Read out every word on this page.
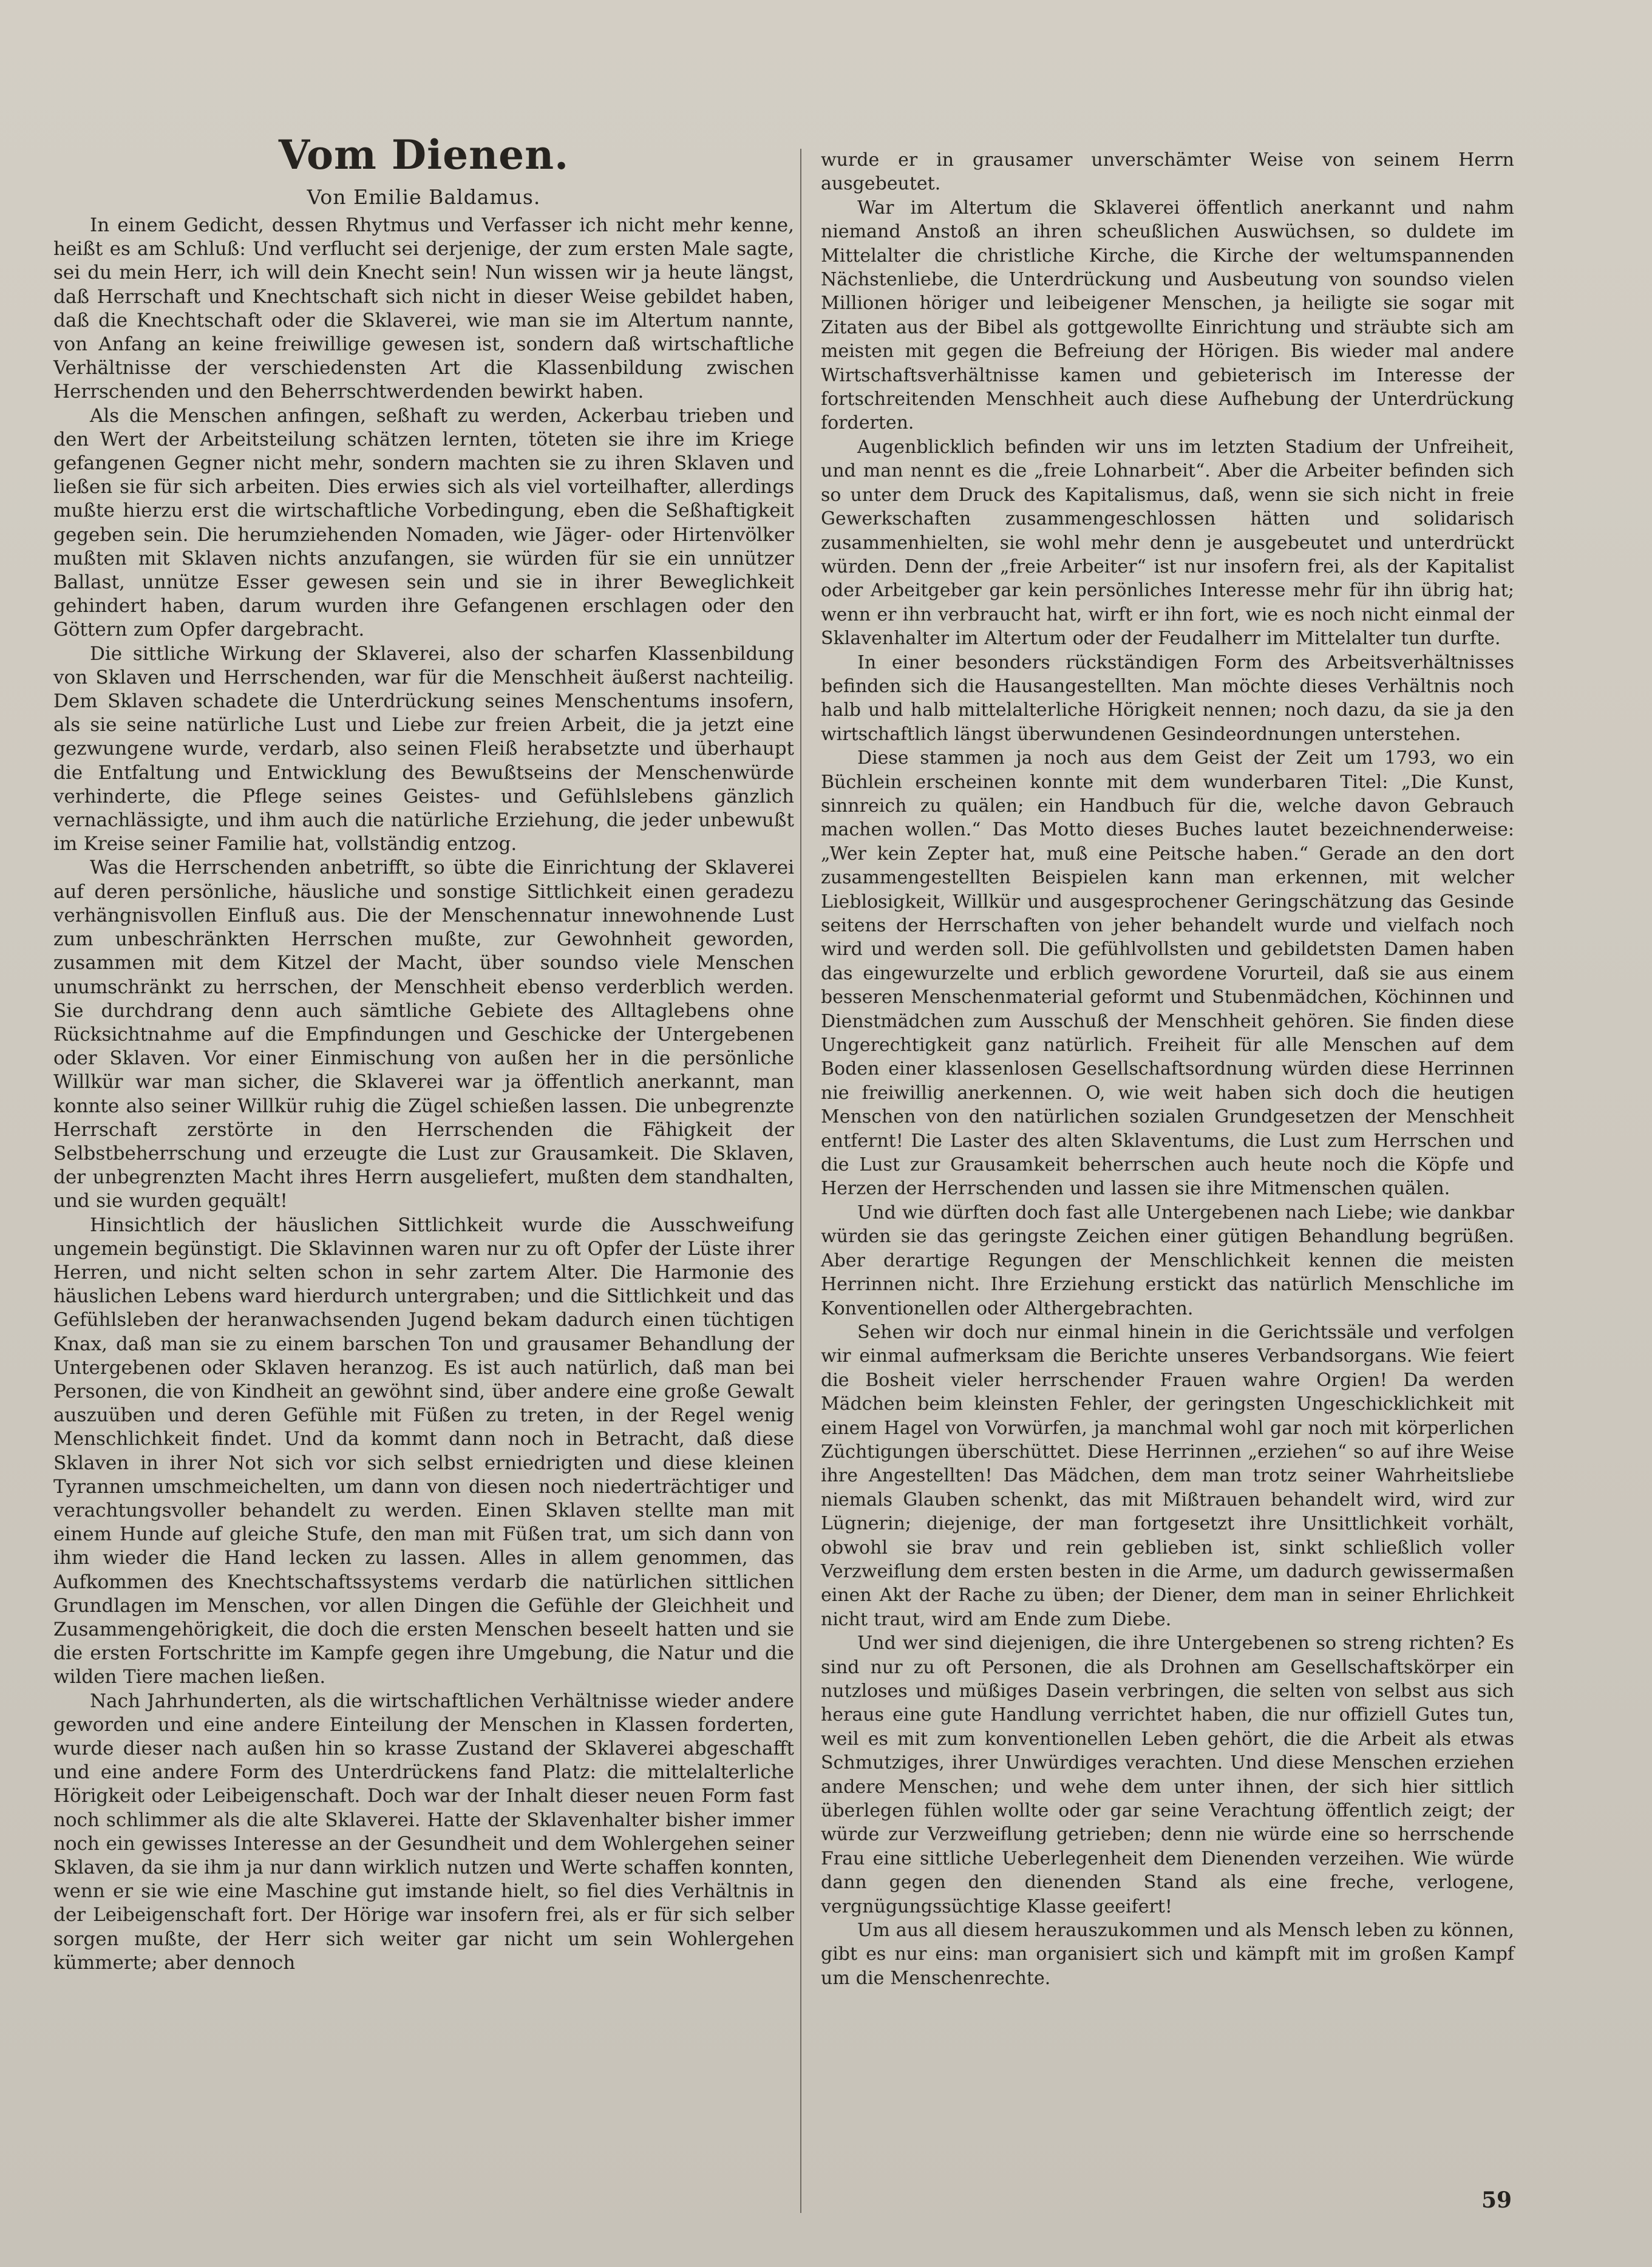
Vom Dienen.
Von Emilie Baldamus.

In einem Gedicht, dessen Rhytmus und Verfasser ich nicht mehr kenne, heißt es am Schluß: Und verflucht sei derjenige, der zum ersten Male sagte, sei du mein Herr, ich will dein Knecht sein! Nun wissen wir ja heute längst, daß Herrschaft und Knechtschaft sich nicht in dieser Weise gebildet haben, daß die Knechtschaft oder die Sklaverei, wie man sie im Altertum nannte, von Anfang an keine freiwillige gewesen ist, sondern daß wirtschaftliche Verhältnisse der verschiedensten Art die Klassenbildung zwischen Herrschenden und den Beherrschtwerdenden bewirkt haben.

Als die Menschen anfingen, seßhaft zu werden, Ackerbau trieben und den Wert der Arbeitsteilung schätzen lernten, töteten sie ihre im Kriege gefangenen Gegner nicht mehr, sondern machten sie zu ihren Sklaven und ließen sie für sich arbeiten. Dies erwies sich als viel vorteilhafter, allerdings mußte hierzu erst die wirtschaftliche Vorbedingung, eben die Seßhaftigkeit gegeben sein. Die herumziehenden Nomaden, wie Jäger- oder Hirtenvölker mußten mit Sklaven nichts anzufangen, sie würden für sie ein unnützer Ballast, unnütze Esser gewesen sein und sie in ihrer Beweglichkeit gehindert haben, darum wurden ihre Gefangenen erschlagen oder den Göttern zum Opfer dargebracht.

Die sittliche Wirkung der Sklaverei, also der scharfen Klassenbildung von Sklaven und Herrschenden, war für die Menschheit äußerst nachteilig. Dem Sklaven schadete die Unterdrückung seines Menschentums insofern, als sie seine natürliche Lust und Liebe zur freien Arbeit, die ja jetzt eine gezwungene wurde, verdarb, also seinen Fleiß herabsetzte und überhaupt die Entfaltung und Entwicklung des Bewußtseins der Menschenwürde verhinderte, die Pflege seines Geistes- und Gefühlslebens gänzlich vernachlässigte, und ihm auch die natürliche Erziehung, die jeder unbewußt im Kreise seiner Familie hat, vollständig entzog.

Was die Herrschenden anbetrifft, so übte die Einrichtung der Sklaverei auf deren persönliche, häusliche und sonstige Sittlichkeit einen geradezu verhängnisvollen Einfluß aus. Die der Menschennatur innewohnende Lust zum unbeschränkten Herrschen mußte, zur Gewohnheit geworden, zusammen mit dem Kitzel der Macht, über soundso viele Menschen unumschränkt zu herrschen, der Menschheit ebenso verderblich werden. Sie durchdrang denn auch sämtliche Gebiete des Alltaglebens ohne Rücksichtnahme auf die Empfindungen und Geschicke der Untergebenen oder Sklaven. Vor einer Einmischung von außen her in die persönliche Willkür war man sicher, die Sklaverei war ja öffentlich anerkannt, man konnte also seiner Willkür ruhig die Zügel schießen lassen. Die unbegrenzte Herrschaft zerstörte in den Herrschenden die Fähigkeit der Selbstbeherrschung und erzeugte die Lust zur Grausamkeit. Die Sklaven, der unbegrenzten Macht ihres Herrn ausgeliefert, mußten dem standhalten, und sie wurden gequält!

Hinsichtlich der häuslichen Sittlichkeit wurde die Ausschweifung ungemein begünstigt. Die Sklavinnen waren nur zu oft Opfer der Lüste ihrer Herren, und nicht selten schon in sehr zartem Alter. Die Harmonie des häuslichen Lebens ward hierdurch untergraben; und die Sittlichkeit und das Gefühlsleben der heranwachsenden Jugend bekam dadurch einen tüchtigen Knax, daß man sie zu einem barschen Ton und grausamer Behandlung der Untergebenen oder Sklaven heranzog. Es ist auch natürlich, daß man bei Personen, die von Kindheit an gewöhnt sind, über andere eine große Gewalt auszuüben und deren Gefühle mit Füßen zu treten, in der Regel wenig Menschlichkeit findet. Und da kommt dann noch in Betracht, daß diese Sklaven in ihrer Not sich vor sich selbst erniedrigten und diese kleinen Tyrannen umschmeichelten, um dann von diesen noch niederträchtiger und verachtungsvoller behandelt zu werden. Einen Sklaven stellte man mit einem Hunde auf gleiche Stufe, den man mit Füßen trat, um sich dann von ihm wieder die Hand lecken zu lassen. Alles in allem genommen, das Aufkommen des Knechtschaftssystems verdarb die natürlichen sittlichen Grundlagen im Menschen, vor allen Dingen die Gefühle der Gleichheit und Zusammengehörigkeit, die doch die ersten Menschen beseelt hatten und sie die ersten Fortschritte im Kampfe gegen ihre Umgebung, die Natur und die wilden Tiere machen ließen.

Nach Jahrhunderten, als die wirtschaftlichen Verhältnisse wieder andere geworden und eine andere Einteilung der Menschen in Klassen forderten, wurde dieser nach außen hin so krasse Zustand der Sklaverei abgeschafft und eine andere Form des Unterdrückens fand Platz: die mittelalterliche Hörigkeit oder Leibeigenschaft. Doch war der Inhalt dieser neuen Form fast noch schlimmer als die alte Sklaverei. Hatte der Sklavenhalter bisher immer noch ein gewisses Interesse an der Gesundheit und dem Wohlergehen seiner Sklaven, da sie ihm ja nur dann wirklich nutzen und Werte schaffen konnten, wenn er sie wie eine Maschine gut imstande hielt, so fiel dies Verhältnis in der Leibeigenschaft fort. Der Hörige war insofern frei, als er für sich selber sorgen mußte, der Herr sich weiter gar nicht um sein Wohlergehen kümmerte; aber dennoch

wurde er in grausamer unverschämter Weise von seinem Herrn ausgebeutet.

War im Altertum die Sklaverei öffentlich anerkannt und nahm niemand Anstoß an ihren scheußlichen Auswüchsen, so duldete im Mittelalter die christliche Kirche, die Kirche der weltumspannenden Nächstenliebe, die Unterdrückung und Ausbeutung von soundso vielen Millionen höriger und leibeigener Menschen, ja heiligte sie sogar mit Zitaten aus der Bibel als gottgewollte Einrichtung und sträubte sich am meisten mit gegen die Befreiung der Hörigen. Bis wieder mal andere Wirtschaftsverhältnisse kamen und gebieterisch im Interesse der fortschreitenden Menschheit auch diese Aufhebung der Unterdrückung forderten.

Augenblicklich befinden wir uns im letzten Stadium der Unfreiheit, und man nennt es die „freie Lohnarbeit“. Aber die Arbeiter befinden sich so unter dem Druck des Kapitalismus, daß, wenn sie sich nicht in freie Gewerkschaften zusammengeschlossen hätten und solidarisch zusammenhielten, sie wohl mehr denn je ausgebeutet und unterdrückt würden. Denn der „freie Arbeiter“ ist nur insofern frei, als der Kapitalist oder Arbeitgeber gar kein persönliches Interesse mehr für ihn übrig hat; wenn er ihn verbraucht hat, wirft er ihn fort, wie es noch nicht einmal der Sklavenhalter im Altertum oder der Feudalherr im Mittelalter tun durfte.

In einer besonders rückständigen Form des Arbeitsverhältnisses befinden sich die Hausangestellten. Man möchte dieses Verhältnis noch halb und halb mittelalterliche Hörigkeit nennen; noch dazu, da sie ja den wirtschaftlich längst überwundenen Gesindeordnungen unterstehen.

Diese stammen ja noch aus dem Geist der Zeit um 1793, wo ein Büchlein erscheinen konnte mit dem wunderbaren Titel: „Die Kunst, sinnreich zu quälen; ein Handbuch für die, welche davon Gebrauch machen wollen.“ Das Motto dieses Buches lautet bezeichnenderweise: „Wer kein Zepter hat, muß eine Peitsche haben.“ Gerade an den dort zusammengestellten Beispielen kann man erkennen, mit welcher Lieblosigkeit, Willkür und ausgesprochener Geringschätzung das Gesinde seitens der Herrschaften von jeher behandelt wurde und vielfach noch wird und werden soll. Die gefühlvollsten und gebildetsten Damen haben das eingewurzelte und erblich gewordene Vorurteil, daß sie aus einem besseren Menschenmaterial geformt und Stubenmädchen, Köchinnen und Dienstmädchen zum Ausschuß der Menschheit gehören. Sie finden diese Ungerechtigkeit ganz natürlich. Freiheit für alle Menschen auf dem Boden einer klassenlosen Gesellschaftsordnung würden diese Herrinnen nie freiwillig anerkennen. O, wie weit haben sich doch die heutigen Menschen von den natürlichen sozialen Grundgesetzen der Menschheit entfernt! Die Laster des alten Sklaventums, die Lust zum Herrschen und die Lust zur Grausamkeit beherrschen auch heute noch die Köpfe und Herzen der Herrschenden und lassen sie ihre Mitmenschen quälen.

Und wie dürften doch fast alle Untergebenen nach Liebe; wie dankbar würden sie das geringste Zeichen einer gütigen Behandlung begrüßen. Aber derartige Regungen der Menschlichkeit kennen die meisten Herrinnen nicht. Ihre Erziehung erstickt das natürlich Menschliche im Konventionellen oder Althergebrachten.

Sehen wir doch nur einmal hinein in die Gerichtssäle und verfolgen wir einmal aufmerksam die Berichte unseres Verbandsorgans. Wie feiert die Bosheit vieler herrschender Frauen wahre Orgien! Da werden Mädchen beim kleinsten Fehler, der geringsten Ungeschicklichkeit mit einem Hagel von Vorwürfen, ja manchmal wohl gar noch mit körperlichen Züchtigungen überschüttet. Diese Herrinnen „erziehen“ so auf ihre Weise ihre Angestellten! Das Mädchen, dem man trotz seiner Wahrheitsliebe niemals Glauben schenkt, das mit Mißtrauen behandelt wird, wird zur Lügnerin; diejenige, der man fortgesetzt ihre Unsittlichkeit vorhält, obwohl sie brav und rein geblieben ist, sinkt schließlich voller Verzweiflung dem ersten besten in die Arme, um dadurch gewissermaßen einen Akt der Rache zu üben; der Diener, dem man in seiner Ehrlichkeit nicht traut, wird am Ende zum Diebe.

Und wer sind diejenigen, die ihre Untergebenen so streng richten? Es sind nur zu oft Personen, die als Drohnen am Gesellschaftskörper ein nutzloses und müßiges Dasein verbringen, die selten von selbst aus sich heraus eine gute Handlung verrichtet haben, die nur offiziell Gutes tun, weil es mit zum konventionellen Leben gehört, die die Arbeit als etwas Schmutziges, ihrer Unwürdiges verachten. Und diese Menschen erziehen andere Menschen; und wehe dem unter ihnen, der sich hier sittlich überlegen fühlen wollte oder gar seine Verachtung öffentlich zeigt; der würde zur Verzweiflung getrieben; denn nie würde eine so herrschende Frau eine sittliche Ueberlegenheit dem Dienenden verzeihen. Wie würde dann gegen den dienenden Stand als eine freche, verlogene, vergnügungssüchtige Klasse geeifert!

Um aus all diesem herauszukommen und als Mensch leben zu können, gibt es nur eins: man organisiert sich und kämpft mit im großen Kampf um die Menschenrechte.

59
